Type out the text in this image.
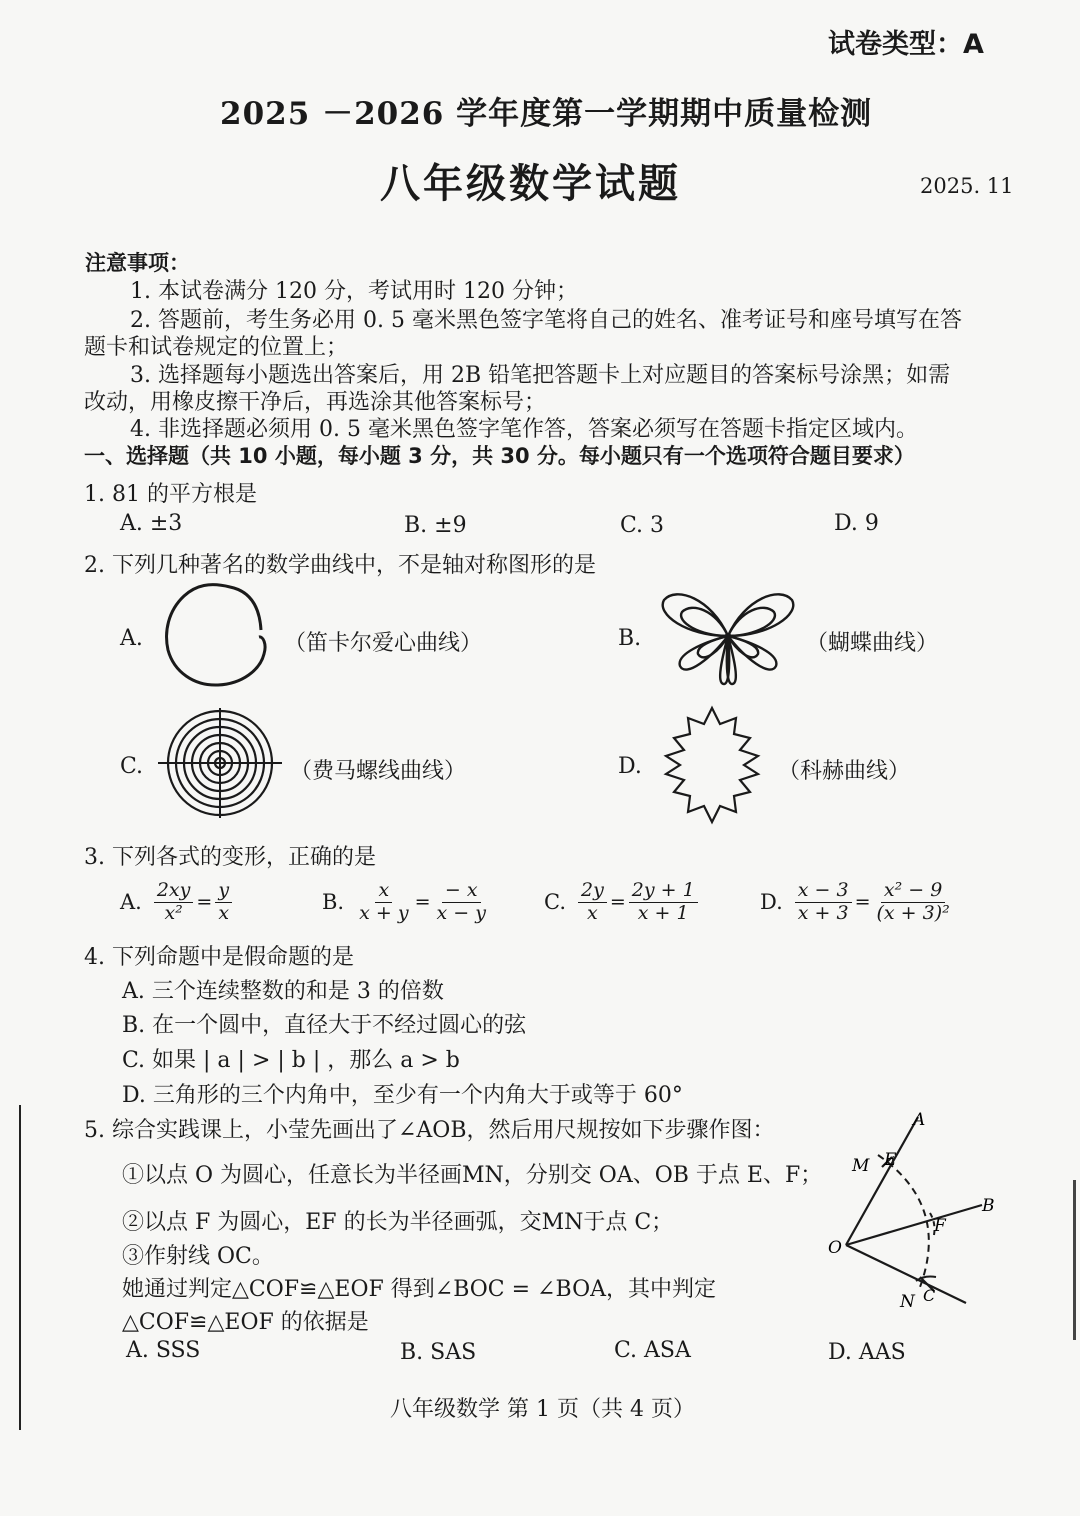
试卷类型：A
2025 －2026 学年度第一学期期中质量检测
八年级数学试题	2025. 11
注意事项：
1. 本试卷满分 120 分，考试用时 120 分钟；
2. 答题前，考生务必用 0. 5 毫米黑色签字笔将自己的姓名、准考证号和座号填写在答
题卡和试卷规定的位置上；
3. 选择题每小题选出答案后，用 2B 铅笔把答题卡上对应题目的答案标号涂黑；如需
改动，用橡皮擦干净后，再选涂其他答案标号；
4. 非选择题必须用 0. 5 毫米黑色签字笔作答，答案必须写在答题卡指定区域内。
一、选择题（共 10 小题，每小题 3 分，共 30 分。每小题只有一个选项符合题目要求）
1. 81 的平方根是
A. ±3	B. ±9	C. 3	D. 9
2. 下列几种著名的数学曲线中，不是轴对称图形的是
A.	（笛卡尔爱心曲线）	B.	（蝴蝶曲线）
C.	（费马螺线曲线）	D.	（科赫曲线）
3. 下列各式的变形，正确的是
A. $\frac{2xy}{\text{x²}} = \frac{y}{x}$	B. $\frac{x}{x + y} = \frac{- x}{x - y}$	C. $\frac{2y}{x} = \frac{2y + 1}{x + 1}$	D. $\frac{x - 3}{x + 3} = \frac{\text{x² − 9}}{\text{(x + 3)²}}$
4. 下列命题中是假命题的是
A. 三个连续整数的和是 3 的倍数
B. 在一个圆中，直径大于不经过圆心的弦
C. 如果 | a | > | b | ，那么 a > b
D. 三角形的三个内角中，至少有一个内角大于或等于 60°
5. 综合实践课上，小莹先画出了∠AOB，然后用尺规按如下步骤作图：
①以点 O 为圆心，任意长为半径画MN，分别交 OA、OB 于点 E、F；
②以点 F 为圆心，EF 的长为半径画弧，交MN于点 C；
③作射线 OC。
她通过判定△COF≌△EOF 得到∠BOC = ∠BOA，其中判定
△COF≌△EOF 的依据是
A. SSS	B. SAS	C. ASA	D. AAS
A
M E
B
F
O
N C
八年级数学 第 1 页（共 4 页）
